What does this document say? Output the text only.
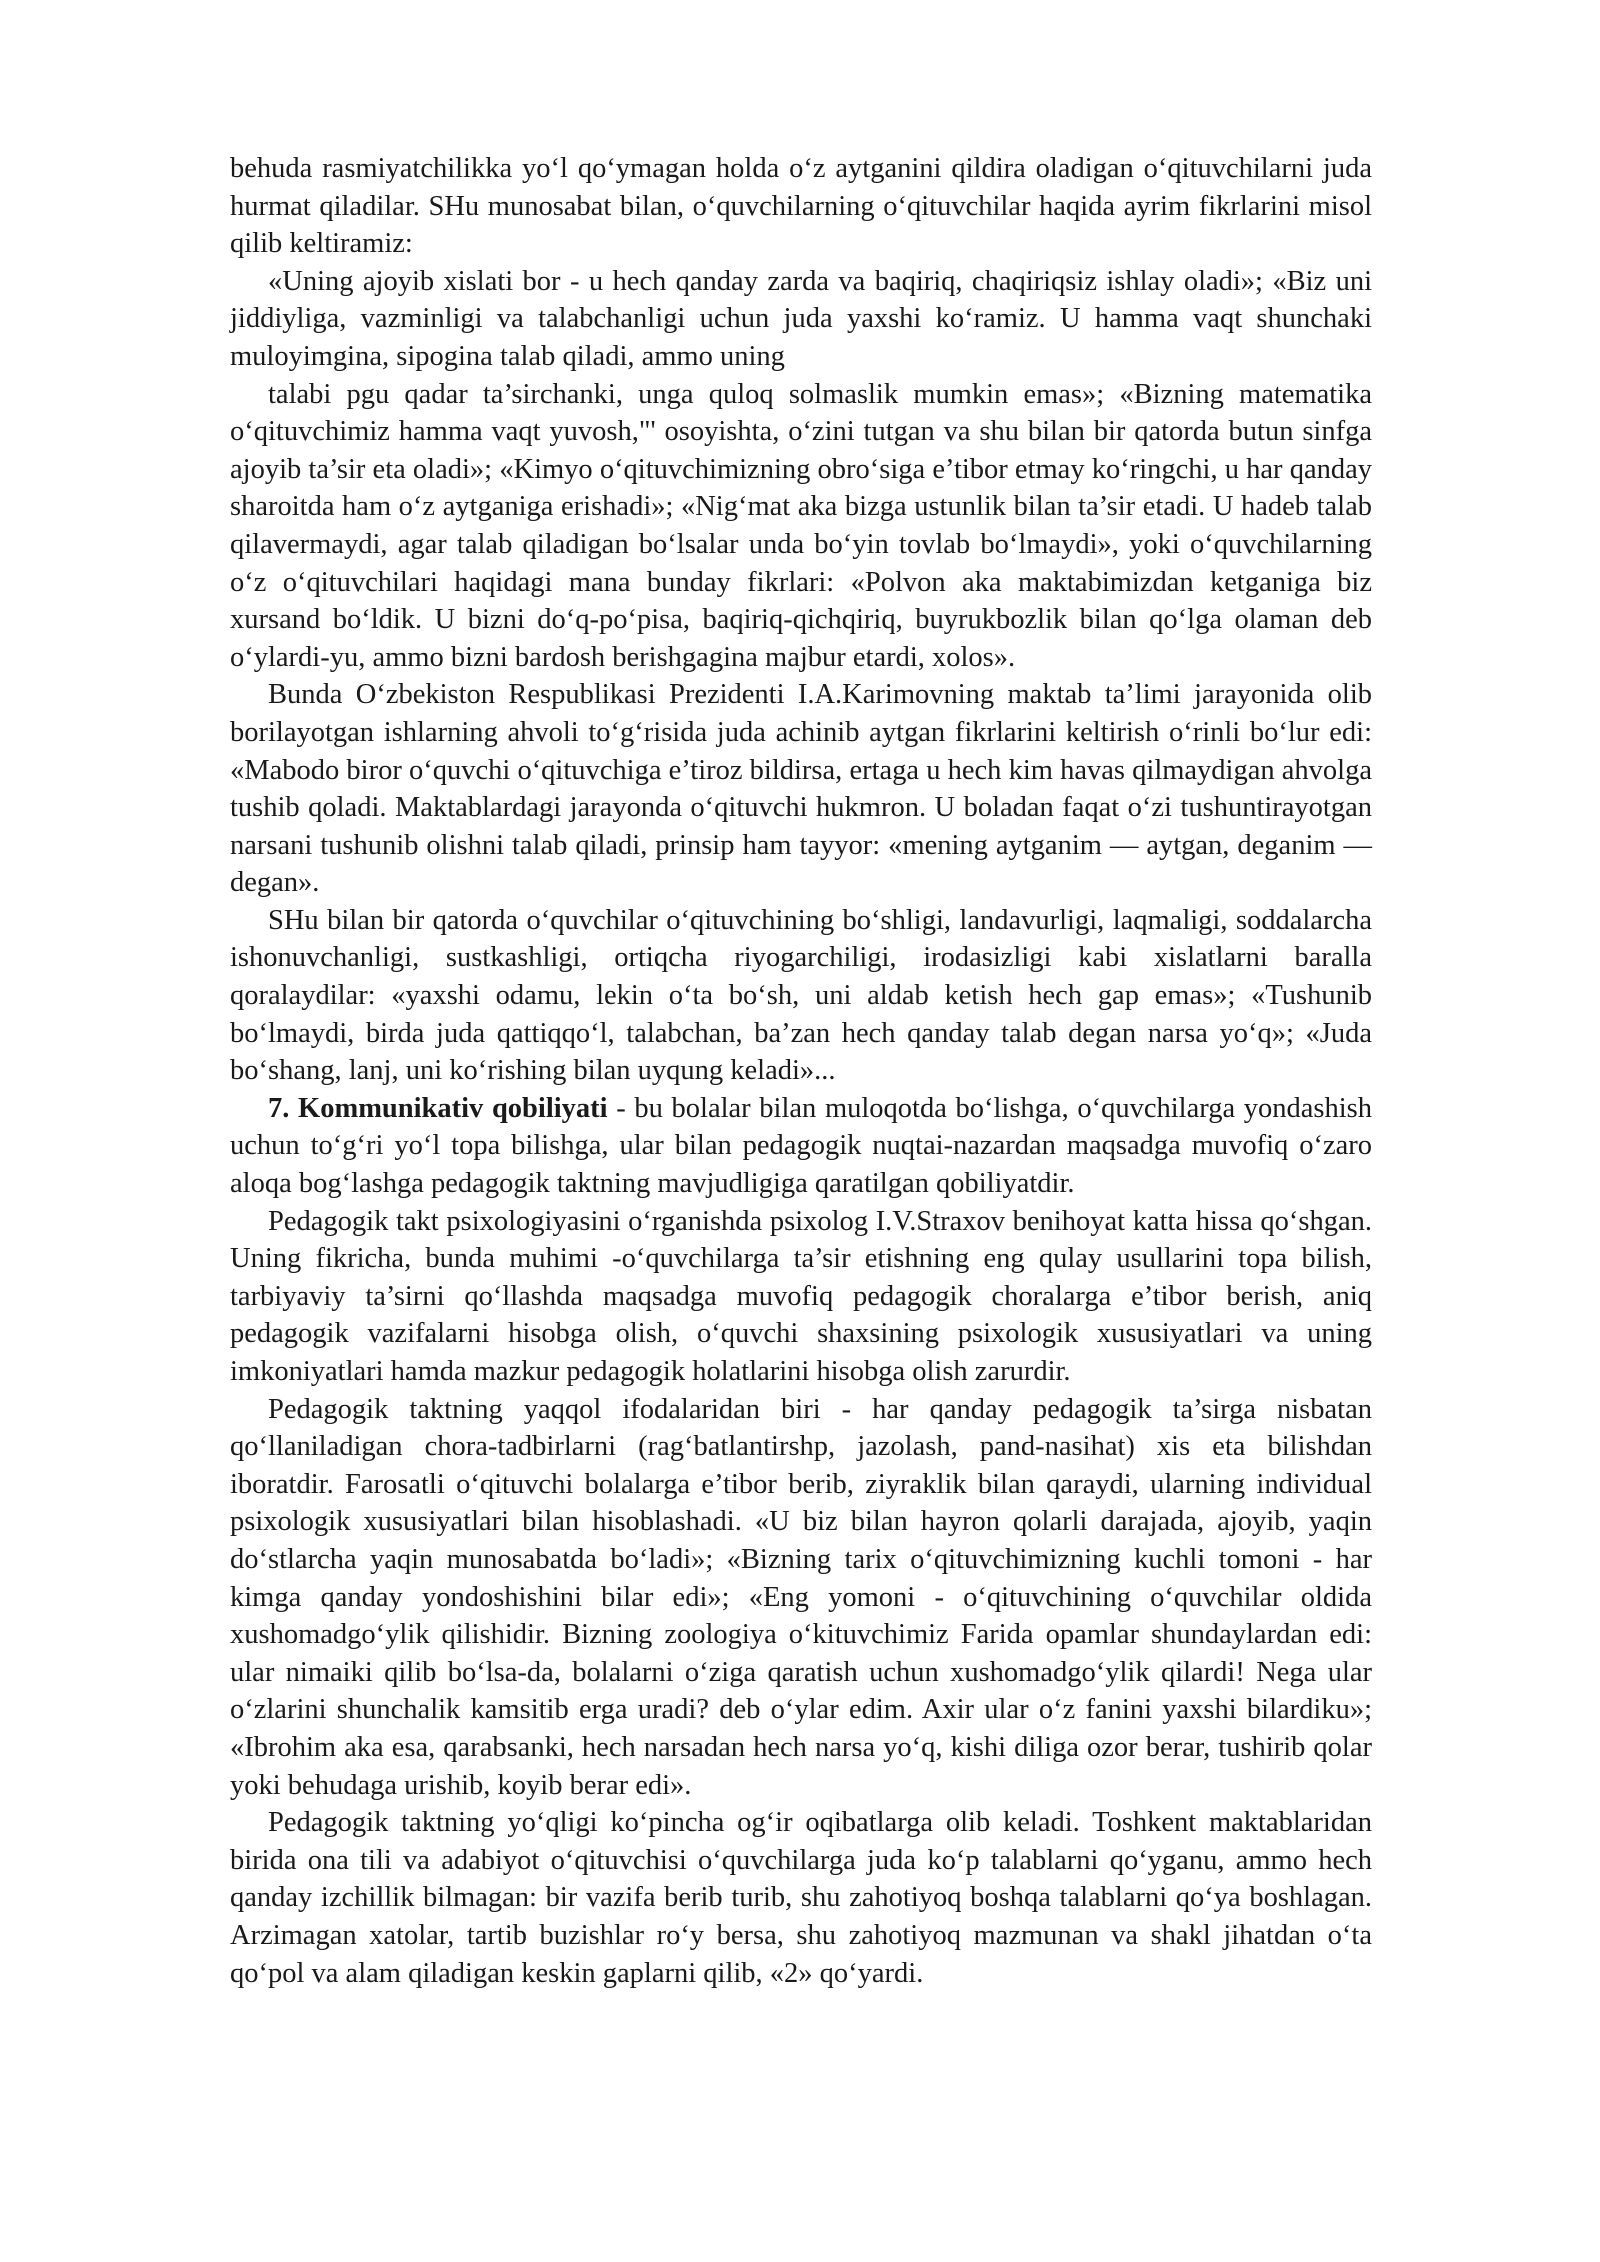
behuda rasmiyatchilikka yo‘l qo‘ymagan holda o‘z aytganini qildira oladigan o‘qituvchilarni juda hurmat qiladilar. SHu munosabat bilan, o‘quvchilarning o‘qituvchilar haqida ayrim fikrlarini misol qilib keltiramiz:

«Uning ajoyib xislati bor - u hech qanday zarda va baqiriq, chaqiriqsiz ishlay oladi»; «Biz uni jiddiyliga, vazminligi va talabchanligi uchun juda yaxshi ko‘ramiz. U hamma vaqt shunchaki muloyimgina, sipogina talab qiladi, ammo uning

talabi pgu qadar ta’sirchanki, unga quloq solmaslik mumkin emas»; «Bizning matematika o‘qituvchimiz hamma vaqt yuvosh,"' osoyishta, o‘zini tutgan va shu bilan bir qatorda butun sinfga ajoyib ta’sir eta oladi»; «Kimyo o‘qituvchimizning obro‘siga e’tibor etmay ko‘ringchi, u har qanday sharoitda ham o‘z aytganiga erishadi»; «Nig‘mat aka bizga ustunlik bilan ta’sir etadi. U hadeb talab qilavermaydi, agar talab qiladigan bo‘lsalar unda bo‘yin tovlab bo‘lmaydi», yoki o‘quvchilarning o‘z o‘qituvchilari haqidagi mana bunday fikrlari: «Polvon aka maktabimizdan ketganiga biz xursand bo‘ldik. U bizni do‘q-po‘pisa, baqiriq-qichqiriq, buyrukbozlik bilan qo‘lga olaman deb o‘ylardi-yu, ammo bizni bardosh berishgagina majbur etardi, xolos».

Bunda O‘zbekiston Respublikasi Prezidenti I.A.Karimovning maktab ta’limi jarayonida olib borilayotgan ishlarning ahvoli to‘g‘risida juda achinib aytgan fikrlarini keltirish o‘rinli bo‘lur edi: «Mabodo biror o‘quvchi o‘qituvchiga e’tiroz bildirsa, ertaga u hech kim havas qilmaydigan ahvolga tushib qoladi. Maktablardagi jarayonda o‘qituvchi hukmron. U boladan faqat o‘zi tushuntirayotgan narsani tushunib olishni talab qiladi, prinsip ham tayyor: «mening aytganim — aytgan, deganim — degan».

SHu bilan bir qatorda o‘quvchilar o‘qituvchining bo‘shligi, landavurligi, laqmaligi, soddalarcha ishonuvchanligi, sustkashligi, ortiqcha riyogarchiligi, irodasizligi kabi xislatlarni baralla qoralaydilar: «yaxshi odamu, lekin o‘ta bo‘sh, uni aldab ketish hech gap emas»; «Tushunib bo‘lmaydi, birda juda qattiqqo‘l, talabchan, ba’zan hech qanday talab degan narsa yo‘q»; «Juda bo‘shang, lanj, uni ko‘rishing bilan uyqung keladi»...

7. Kommunikativ qobiliyati - bu bolalar bilan muloqotda bo‘lishga, o‘quvchilarga yondashish uchun to‘g‘ri yo‘l topa bilishga, ular bilan pedagogik nuqtai-nazardan maqsadga muvofiq o‘zaro aloqa bog‘lashga pedagogik taktning mavjudligiga qaratilgan qobiliyatdir.

Pedagogik takt psixologiyasini o‘rganishda psixolog I.V.Straxov benihoyat katta hissa qo‘shgan. Uning fikricha, bunda muhimi -o‘quvchilarga ta’sir etishning eng qulay usullarini topa bilish, tarbiyaviy ta’sirni qo‘llashda maqsadga muvofiq pedagogik choralarga e’tibor berish, aniq pedagogik vazifalarni hisobga olish, o‘quvchi shaxsining psixologik xususiyatlari va uning imkoniyatlari hamda mazkur pedagogik holatlarini hisobga olish zarurdir.

Pedagogik taktning yaqqol ifodalaridan biri - har qanday pedagogik ta’sirga nisbatan qo‘llaniladigan chora-tadbirlarni (rag‘batlantirshp, jazolash, pand-nasihat) xis eta bilishdan iboratdir. Farosatli o‘qituvchi bolalarga e’tibor berib, ziyraklik bilan qaraydi, ularning individual psixologik xususiyatlari bilan hisoblashadi. «U biz bilan hayron qolarli darajada, ajoyib, yaqin do‘stlarcha yaqin munosabatda bo‘ladi»; «Bizning tarix o‘qituvchimizning kuchli tomoni - har kimga qanday yondoshishini bilar edi»; «Eng yomoni - o‘qituvchining o‘quvchilar oldida xushomadgo‘ylik qilishidir. Bizning zoologiya o‘kituvchimiz Farida opamlar shundaylardan edi: ular nimaiki qilib bo‘lsa-da, bolalarni o‘ziga qaratish uchun xushomadgo‘ylik qilardi! Nega ular o‘zlarini shunchalik kamsitib erga uradi? deb o‘ylar edim. Axir ular o‘z fanini yaxshi bilardiku»; «Ibrohim aka esa, qarabsanki, hech narsadan hech narsa yo‘q, kishi diliga ozor berar, tushirib qolar yoki behudaga urishib, koyib berar edi».

Pedagogik taktning yo‘qligi ko‘pincha og‘ir oqibatlarga olib keladi. Toshkent maktablaridan birida ona tili va adabiyot o‘qituvchisi o‘quvchilarga juda ko‘p talablarni qo‘yganu, ammo hech qanday izchillik bilmagan: bir vazifa berib turib, shu zahotiyoq boshqa talablarni qo‘ya boshlagan. Arzimagan xatolar, tartib buzishlar ro‘y bersa, shu zahotiyoq mazmunan va shakl jihatdan o‘ta qo‘pol va alam qiladigan keskin gaplarni qilib, «2» qo‘yardi.
